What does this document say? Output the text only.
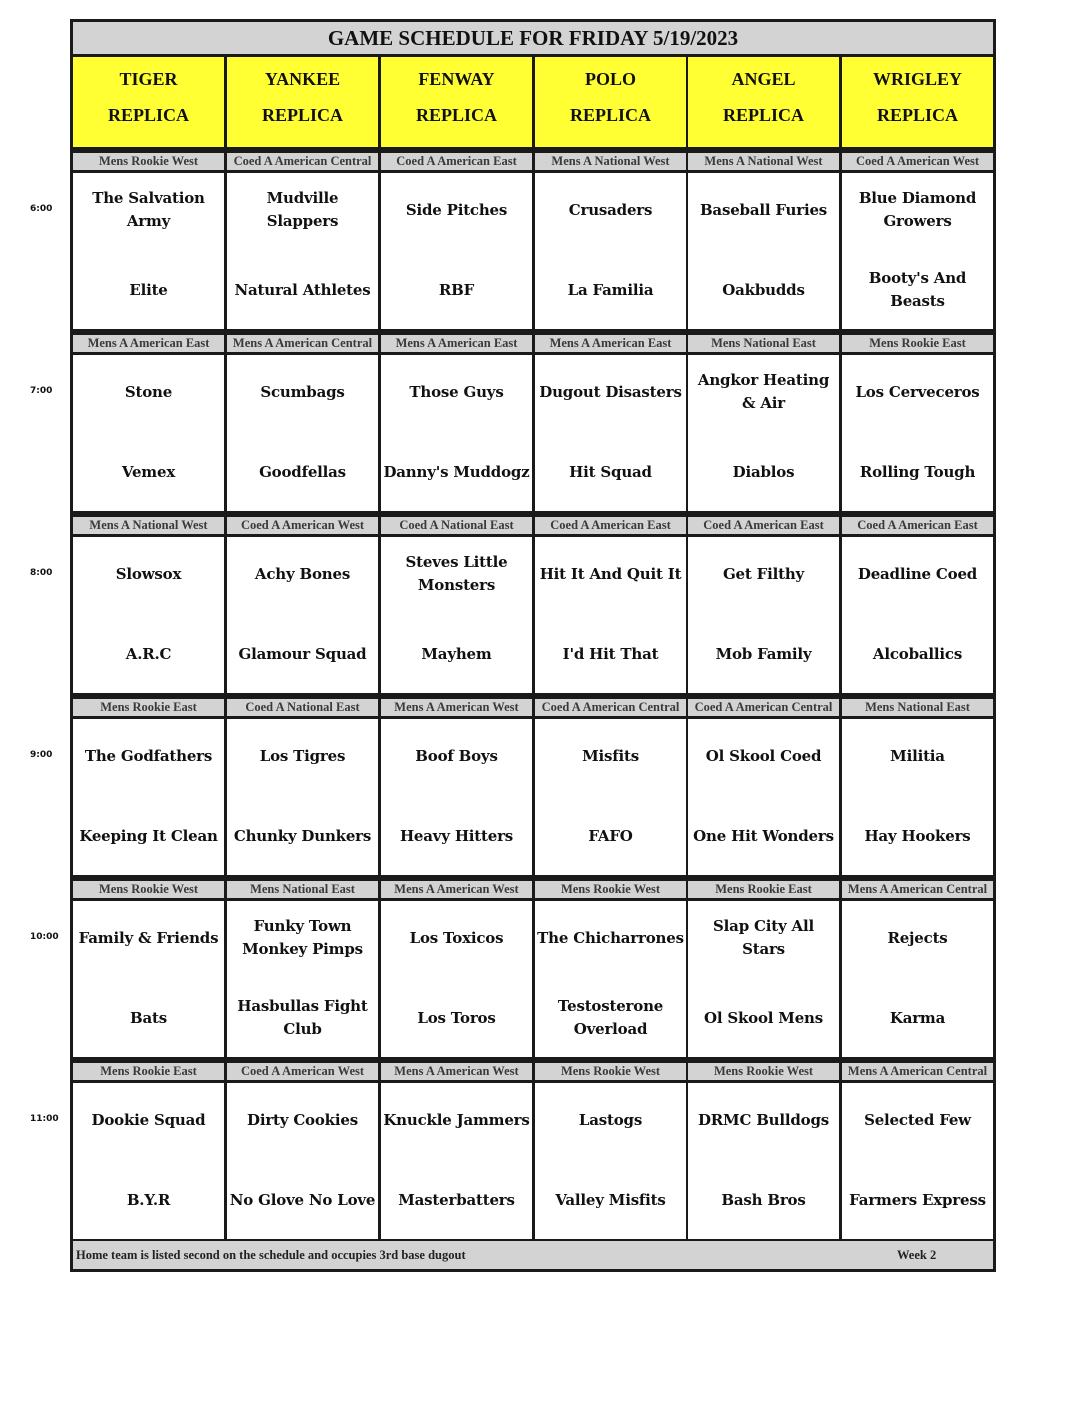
6:00
7:00
8:00
9:00
10:00
11:00
GAME SCHEDULE FOR FRIDAY 5/19/2023
TIGER
REPLICA
YANKEE
REPLICA
FENWAY
REPLICA
POLO
REPLICA
ANGEL
REPLICA
WRIGLEY
REPLICA
Mens Rookie West
The Salvation Army
Elite
Coed A American Central
Mudville Slappers
Natural Athletes
Coed A American East
Side Pitches
RBF
Mens A National West
Crusaders
La Familia
Mens A National West
Baseball Furies
Oakbudds
Coed A American West
Blue Diamond Growers
Booty's And Beasts
Mens A American East
Stone
Vemex
Mens A American Central
Scumbags
Goodfellas
Mens A American East
Those Guys
Danny's Muddogz
Mens A American East
Dugout Disasters
Hit Squad
Mens National East
Angkor Heating & Air
Diablos
Mens Rookie East
Los Cerveceros
Rolling Tough
Mens A National West
Slowsox
A.R.C
Coed A American West
Achy Bones
Glamour Squad
Coed A National East
Steves Little Monsters
Mayhem
Coed A American East
Hit It And Quit It
I'd Hit That
Coed A American East
Get Filthy
Mob Family
Coed A American East
Deadline Coed
Alcoballics
Mens Rookie East
The Godfathers
Keeping It Clean
Coed A National East
Los Tigres
Chunky Dunkers
Mens A American West
Boof Boys
Heavy Hitters
Coed A American Central
Misfits
FAFO
Coed A American Central
Ol Skool Coed
One Hit Wonders
Mens National East
Militia
Hay Hookers
Mens Rookie West
Family & Friends
Bats
Mens National East
Funky Town Monkey Pimps
Hasbullas Fight Club
Mens A American West
Los Toxicos
Los Toros
Mens Rookie West
The Chicharrones
Testosterone Overload
Mens Rookie East
Slap City All Stars
Ol Skool Mens
Mens A American Central
Rejects
Karma
Mens Rookie East
Dookie Squad
B.Y.R
Coed A American West
Dirty Cookies
No Glove No Love
Mens A American West
Knuckle Jammers
Masterbatters
Mens Rookie West
Lastogs
Valley Misfits
Mens Rookie West
DRMC Bulldogs
Bash Bros
Mens A American Central
Selected Few
Farmers Express
Home team is listed second on the schedule and occupies 3rd base dugout	Week 2
